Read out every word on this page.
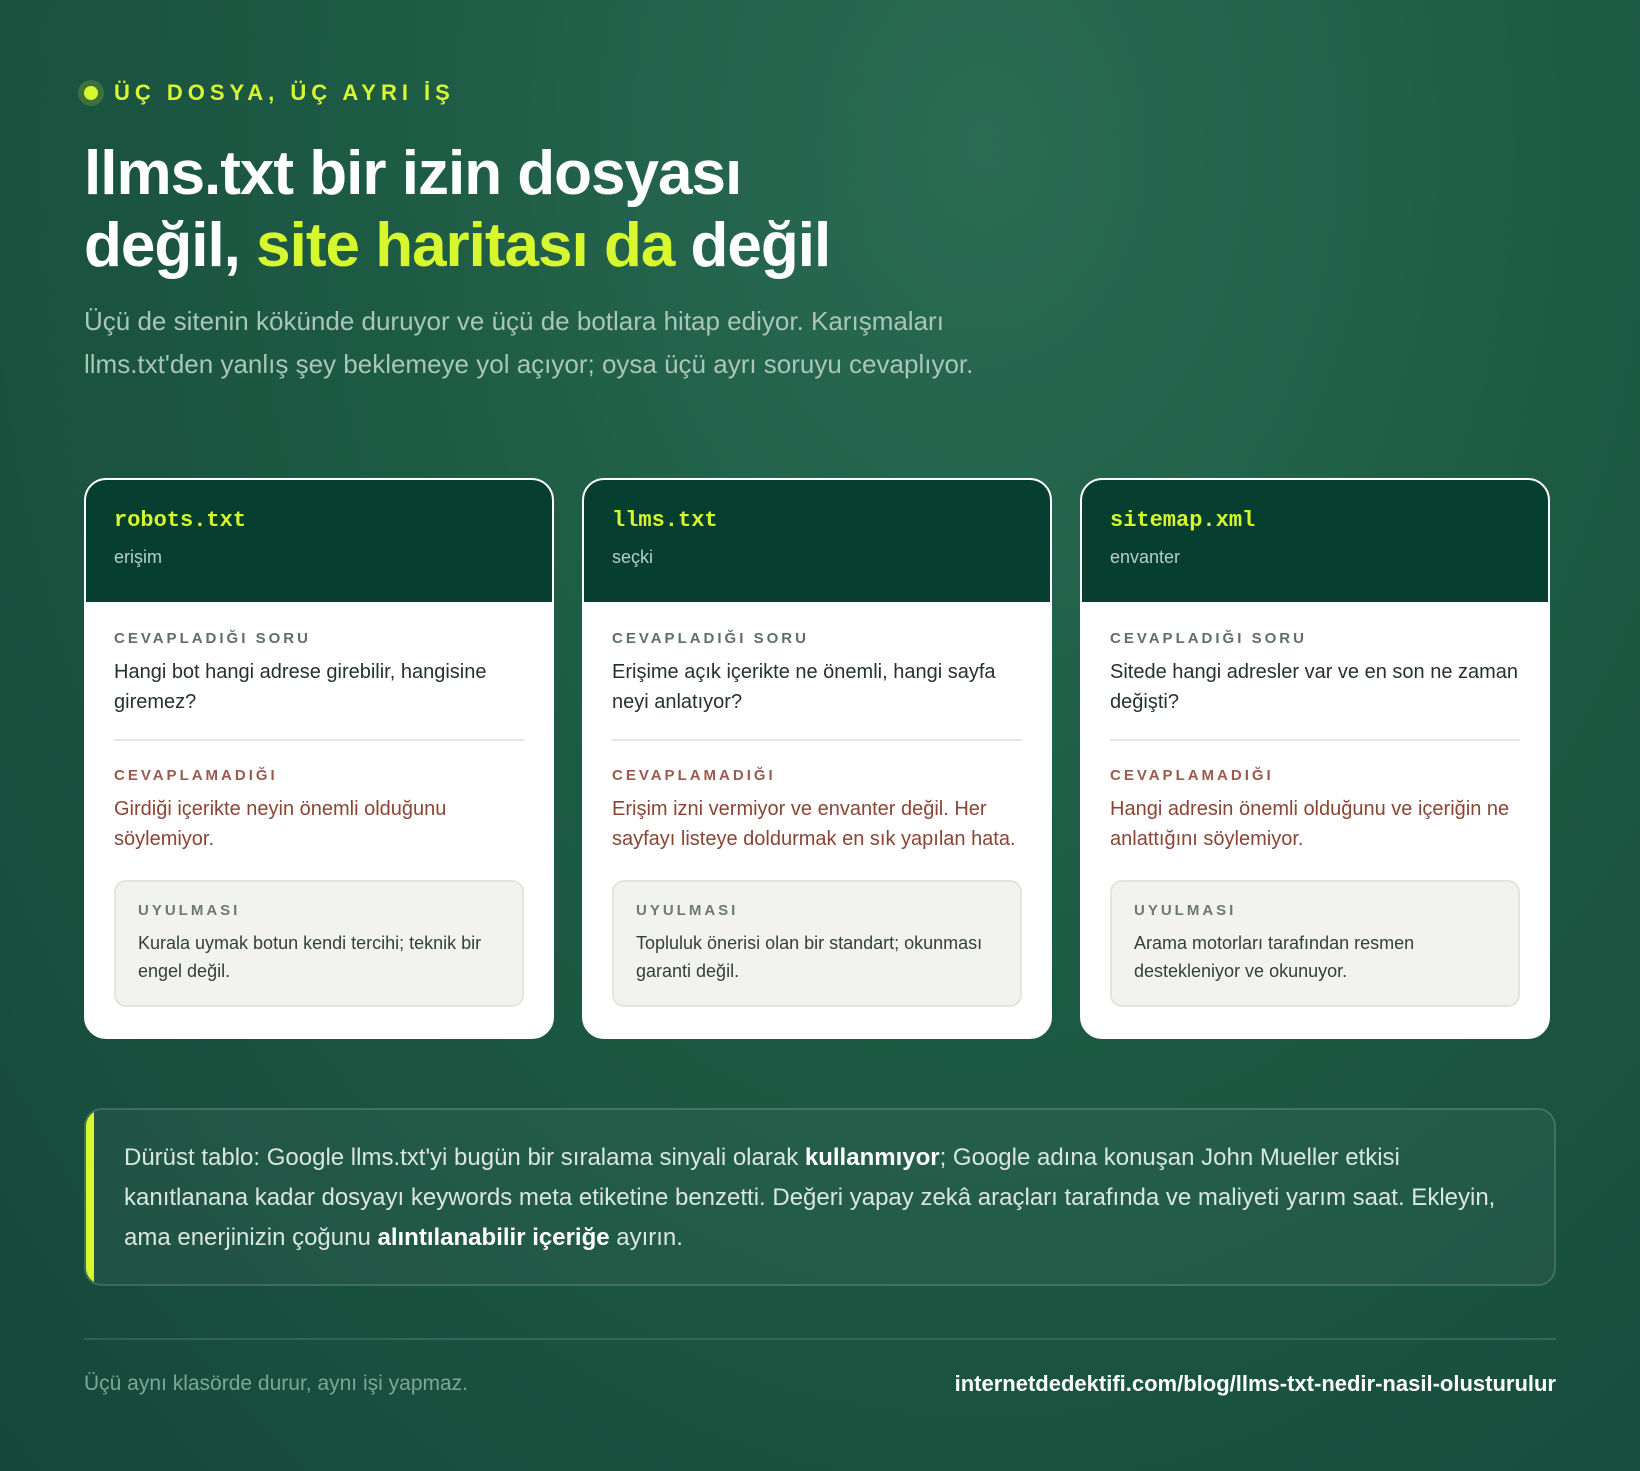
ÜÇ DOSYA, ÜÇ AYRI İŞ
llms.txt bir izin dosyası
değil, site haritası da değil
Üçü de sitenin kökünde duruyor ve üçü de botlara hitap ediyor. Karışmaları llms.txt'den yanlış şey beklemeye yol açıyor; oysa üçü ayrı soruyu cevaplıyor.
robots.txt
erişim
CEVAPLADIĞI SORU
Hangi bot hangi adrese girebilir, hangisine giremez?
CEVAPLAMADIĞI
Girdiği içerikte neyin önemli olduğunu söylemiyor.
UYULMASI
Kurala uymak botun kendi tercihi; teknik bir engel değil.
llms.txt
seçki
CEVAPLADIĞI SORU
Erişime açık içerikte ne önemli, hangi sayfa neyi anlatıyor?
CEVAPLAMADIĞI
Erişim izni vermiyor ve envanter değil. Her sayfayı listeye doldurmak en sık yapılan hata.
UYULMASI
Topluluk önerisi olan bir standart; okunması garanti değil.
sitemap.xml
envanter
CEVAPLADIĞI SORU
Sitede hangi adresler var ve en son ne zaman değişti?
CEVAPLAMADIĞI
Hangi adresin önemli olduğunu ve içeriğin ne anlattığını söylemiyor.
UYULMASI
Arama motorları tarafından resmen destekleniyor ve okunuyor.
Dürüst tablo: Google llms.txt'yi bugün bir sıralama sinyali olarak kullanmıyor; Google adına konuşan John Mueller etkisi kanıtlanana kadar dosyayı keywords meta etiketine benzetti. Değeri yapay zekâ araçları tarafında ve maliyeti yarım saat. Ekleyin, ama enerjinizin çoğunu alıntılanabilir içeriğe ayırın.
Üçü aynı klasörde durur, aynı işi yapmaz.	internetdedektifi.com/blog/llms-txt-nedir-nasil-olusturulur
